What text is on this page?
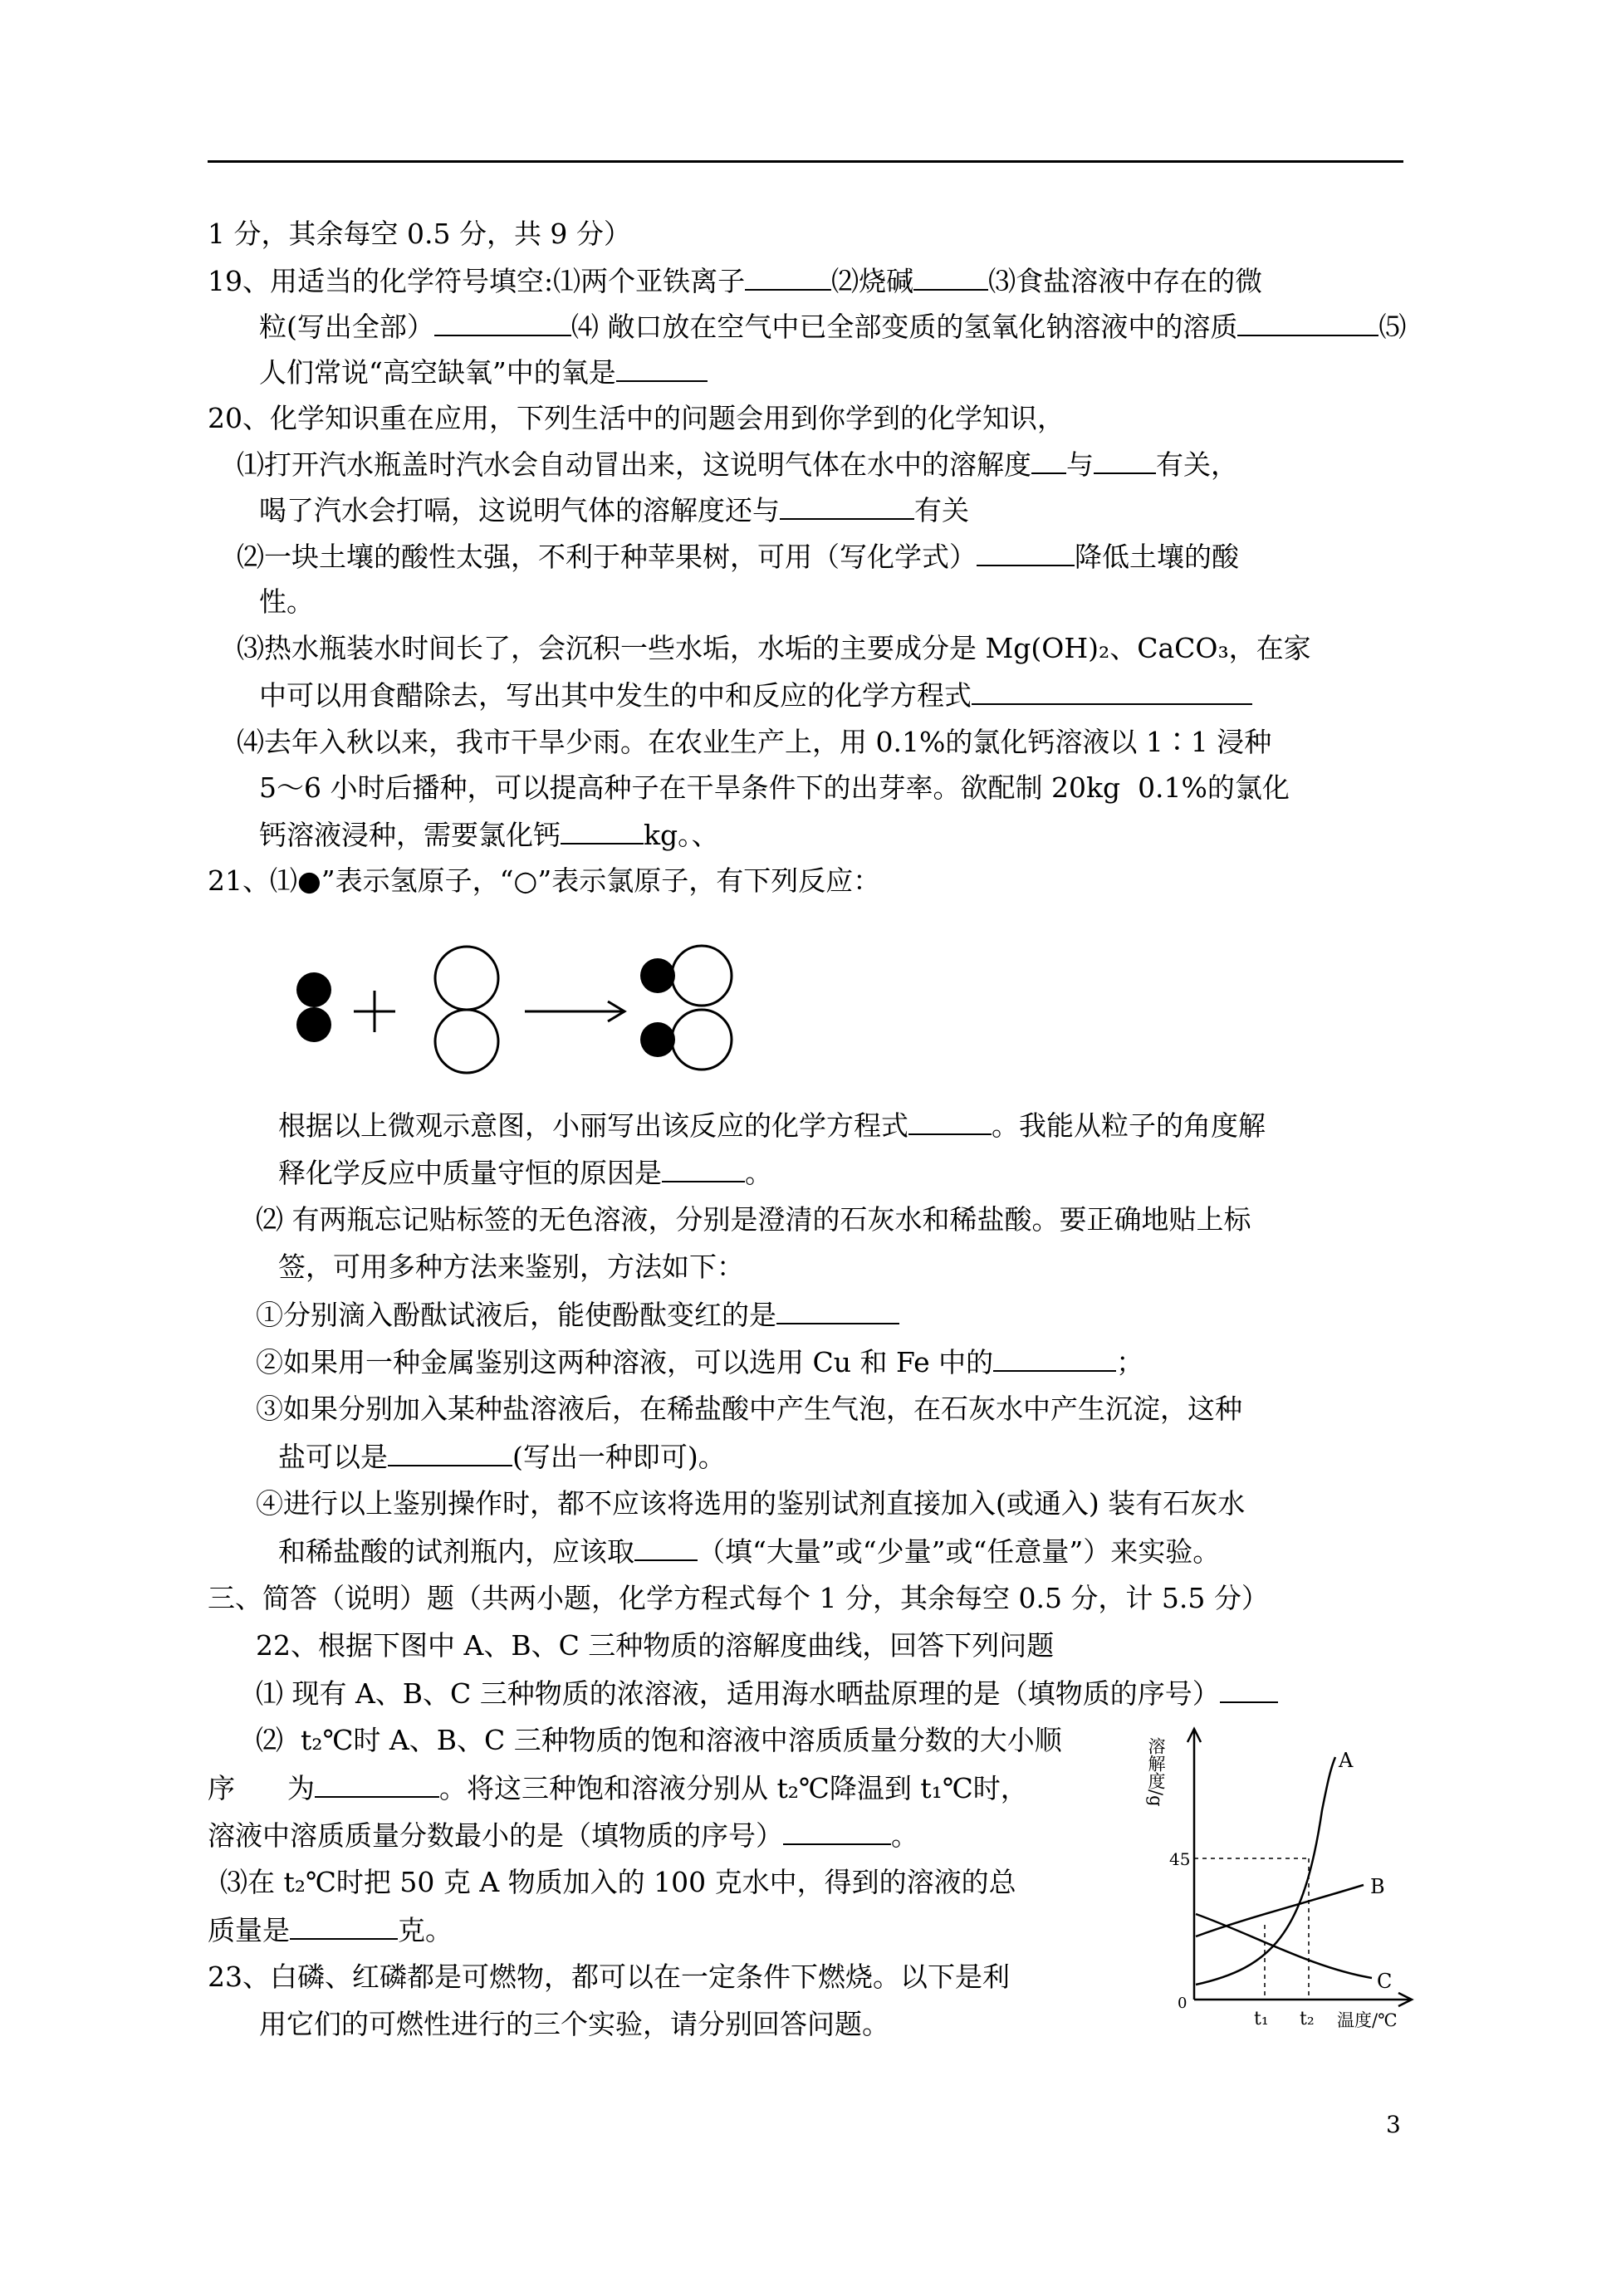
1 分，其余每空 0.5 分，共 9 分）
19、用适当的化学符号填空:⑴两个亚铁离子	⑵烧碱	⑶食盐溶液中存在的微
粒(写出全部）	⑷ 敞口放在空气中已全部变质的氢氧化钠溶液中的溶质	⑸
人们常说“高空缺氧”中的氧是
20、化学知识重在应用，下列生活中的问题会用到你学到的化学知识，
⑴打开汽水瓶盖时汽水会自动冒出来，这说明气体在水中的溶解度 与 有关，
喝了汽水会打嗝，这说明气体的溶解度还与	有关
⑵一块土壤的酸性太强，不利于种苹果树，可用（写化学式）	降低土壤的酸
性。
⑶热水瓶装水时间长了，会沉积一些水垢，水垢的主要成分是 Mg(OH)₂、CaCO₃，在家
中可以用食醋除去，写出其中发生的中和反应的化学方程式
⑷去年入秋以来，我市干旱少雨。在农业生产上，用 0.1%的氯化钙溶液以 1∶1 浸种
5～6 小时后播种，可以提高种子在干旱条件下的出芽率。欲配制 20kg  0.1%的氯化
钙溶液浸种，需要氯化钙	kg。、
21、⑴●”表示氢原子，“○”表示氯原子，有下列反应：
根据以上微观示意图，小丽写出该反应的化学方程式	。我能从粒子的角度解
释化学反应中质量守恒的原因是	。
⑵ 有两瓶忘记贴标签的无色溶液，分别是澄清的石灰水和稀盐酸。要正确地贴上标
签，可用多种方法来鉴别，方法如下：
①分别滴入酚酞试液后，能使酚酞变红的是
②如果用一种金属鉴别这两种溶液，可以选用 Cu 和 Fe 中的	；
③如果分别加入某种盐溶液后，在稀盐酸中产生气泡，在石灰水中产生沉淀，这种
盐可以是	(写出一种即可)。
④进行以上鉴别操作时，都不应该将选用的鉴别试剂直接加入(或通入) 装有石灰水
和稀盐酸的试剂瓶内，应该取 （填“大量”或“少量”或“任意量”）来实验。
三、简答（说明）题（共两小题，化学方程式每个 1 分，其余每空 0.5 分，计 5.5 分）
22、根据下图中 A、B、C 三种物质的溶解度曲线，回答下列问题
⑴ 现有 A、B、C 三种物质的浓溶液，适用海水晒盐原理的是（填物质的序号）
⑵  t₂℃时 A、B、C 三种物质的饱和溶液中溶质质量分数的大小顺
序      为	。将这三种饱和溶液分别从 t₂℃降温到 t₁℃时，
溶液中溶质质量分数最小的是（填物质的序号）	。
⑶在 t₂℃时把 50 克 A 物质加入的 100 克水中，得到的溶液的总
质量是	克。
23、白磷、红磷都是可燃物，都可以在一定条件下燃烧。以下是利
用它们的可燃性进行的三个实验，请分别回答问题。
溶解度/g
45
0
t₁ t₂ 温度/℃
A
B
C
3
